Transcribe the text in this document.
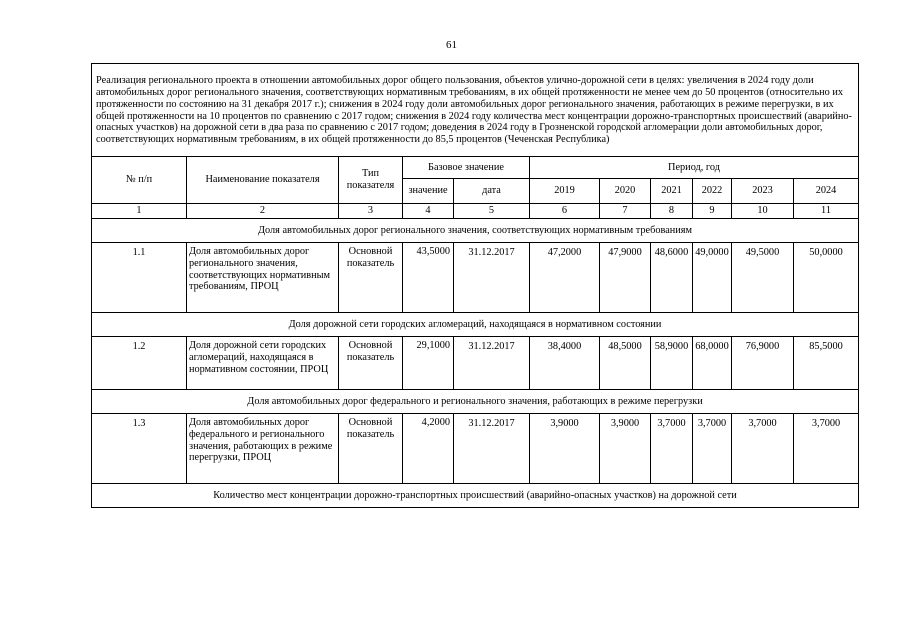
61
Реализация регионального проекта в отношении автомобильных дорог общего пользования, объектов улично-дорожной сети в целях: увеличения в 2024 году доли автомобильных дорог регионального значения, соответствующих нормативным требованиям, в их общей протяженности не менее чем до 50 процентов (относительно их протяженности по состоянию на 31 декабря 2017 г.); снижения в 2024 году доли автомобильных дорог регионального значения, работающих в режиме перегрузки, в их общей протяженности на 10 процентов по сравнению с 2017 годом; снижения в 2024 году количества мест концентрации дорожно-транспортных происшествий (аварийно-опасных участков) на дорожной сети в два раза по сравнению с 2017 годом; доведения в 2024 году в Грозненской городской агломерации доли автомобильных дорог, соответствующих нормативным требованиям, в их общей протяженности до 85,5 процентов (Чеченская Республика)										
№ п/п	Наименование показателя	Тип показателя	Базовое значение		Период, год					
			значение	дата	2019	2020	2021	2022	2023	2024
1	2	3	4	5	6	7	8	9	10	11
Доля автомобильных дорог регионального значения, соответствующих нормативным требованиям										
1.1	Доля автомобильных дорог регионального значения, соответствующих нормативным требованиям, ПРОЦ	Основной показатель	43,5000	31.12.2017	47,2000	47,9000	48,6000	49,0000	49,5000	50,0000
Доля дорожной сети городских агломераций, находящаяся в нормативном состоянии										
1.2	Доля дорожной сети городских агломераций, находящаяся в нормативном состоянии, ПРОЦ	Основной показатель	29,1000	31.12.2017	38,4000	48,5000	58,9000	68,0000	76,9000	85,5000
Доля автомобильных дорог федерального и регионального значения, работающих в режиме перегрузки										
1.3	Доля автомобильных дорог федерального и регионального значения, работающих в режиме перегрузки, ПРОЦ	Основной показатель	4,2000	31.12.2017	3,9000	3,9000	3,7000	3,7000	3,7000	3,7000
Количество мест концентрации дорожно-транспортных происшествий (аварийно-опасных участков) на дорожной сети										
